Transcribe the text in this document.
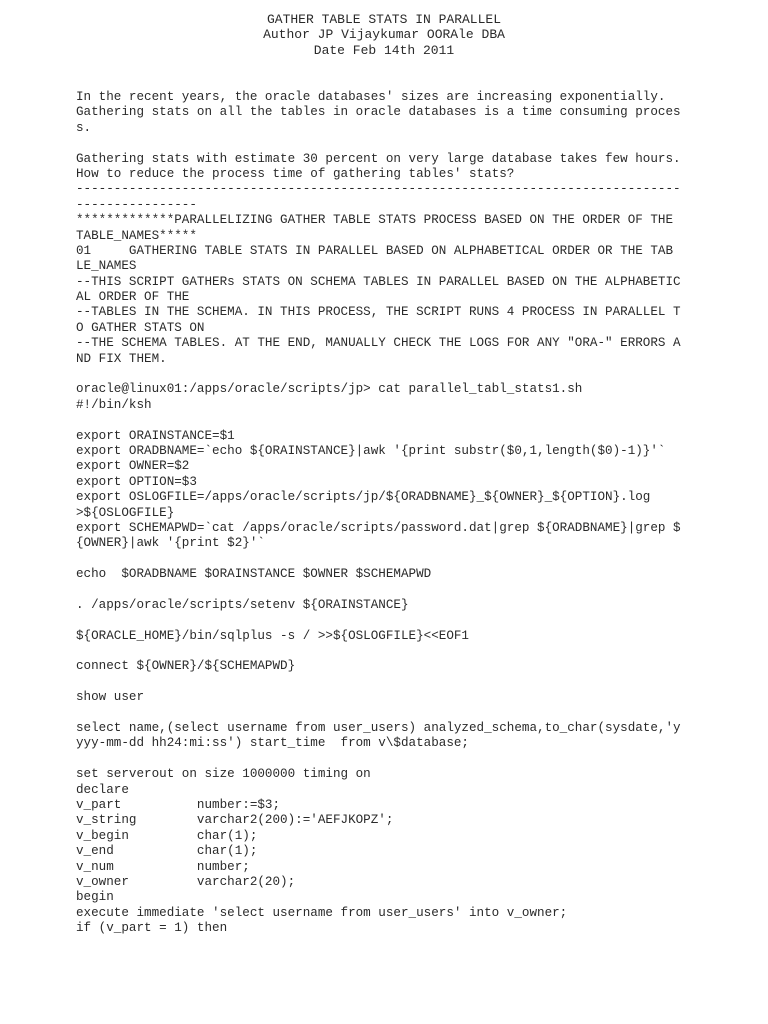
GATHER TABLE STATS IN PARALLEL
Author JP Vijaykumar OORAle DBA
Date Feb 14th 2011
In the recent years, the oracle databases' sizes are increasing exponentially.
Gathering stats on all the tables in oracle databases is a time consuming proces
s.
Gathering stats with estimate 30 percent on very large database takes few hours.
How to reduce the process time of gathering tables' stats?
--------------------------------------------------------------------------------
----------------
*************PARALLELIZING GATHER TABLE STATS PROCESS BASED ON THE ORDER OF THE
TABLE_NAMES*****
01     GATHERING TABLE STATS IN PARALLEL BASED ON ALPHABETICAL ORDER OR THE TAB
LE_NAMES
--THIS SCRIPT GATHERs STATS ON SCHEMA TABLES IN PARALLEL BASED ON THE ALPHABETIC
AL ORDER OF THE
--TABLES IN THE SCHEMA. IN THIS PROCESS, THE SCRIPT RUNS 4 PROCESS IN PARALLEL T
O GATHER STATS ON
--THE SCHEMA TABLES. AT THE END, MANUALLY CHECK THE LOGS FOR ANY "ORA-" ERRORS A
ND FIX THEM.
oracle@linux01:/apps/oracle/scripts/jp> cat parallel_tabl_stats1.sh
#!/bin/ksh
export ORAINSTANCE=$1
export ORADBNAME=`echo ${ORAINSTANCE}|awk '{print substr($0,1,length($0)-1)}'`
export OWNER=$2
export OPTION=$3
export OSLOGFILE=/apps/oracle/scripts/jp/${ORADBNAME}_${OWNER}_${OPTION}.log
>${OSLOGFILE}
export SCHEMAPWD=`cat /apps/oracle/scripts/password.dat|grep ${ORADBNAME}|grep $
{OWNER}|awk '{print $2}'`
echo  $ORADBNAME $ORAINSTANCE $OWNER $SCHEMAPWD
. /apps/oracle/scripts/setenv ${ORAINSTANCE}
${ORACLE_HOME}/bin/sqlplus -s / >>${OSLOGFILE}<<EOF1
connect ${OWNER}/${SCHEMAPWD}
show user
select name,(select username from user_users) analyzed_schema,to_char(sysdate,'y
yyy-mm-dd hh24:mi:ss') start_time  from v\$database;
set serverout on size 1000000 timing on
declare
v_part          number:=$3;
v_string        varchar2(200):='AEFJKOPZ';
v_begin         char(1);
v_end           char(1);
v_num           number;
v_owner         varchar2(20);
begin
execute immediate 'select username from user_users' into v_owner;
if (v_part = 1) then
